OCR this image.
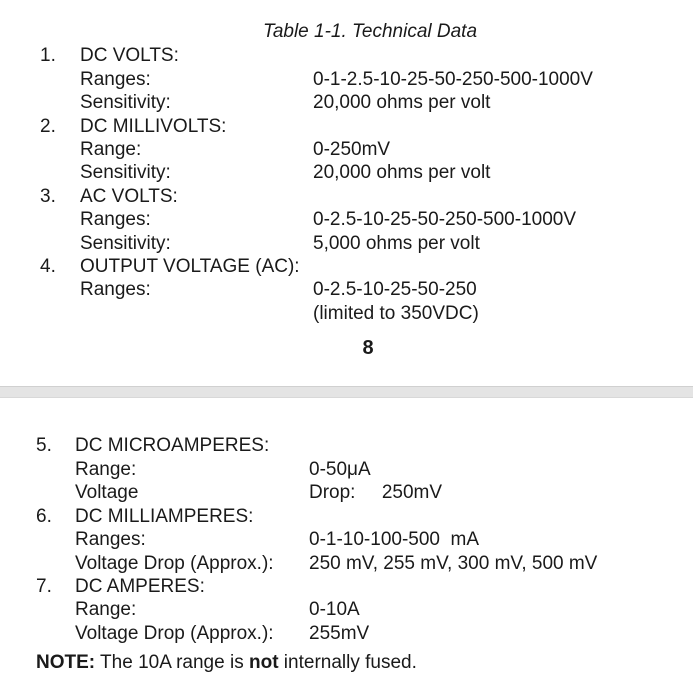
Table 1-1. Technical Data
1. DC VOLTS:
Ranges:	0-1-2.5-10-25-50-250-500-1000V
Sensitivity:	20,000 ohms per volt
2. DC MILLIVOLTS:
Range:	0-250mV
Sensitivity:	20,000 ohms per volt
3. AC VOLTS:
Ranges:	0-2.5-10-25-50-250-500-1000V
Sensitivity:	5,000 ohms per volt
4. OUTPUT VOLTAGE (AC):
Ranges:	0-2.5-10-25-50-250
(limited to 350VDC)
8
5. DC MICROAMPERES:
Range:	0-50μA
Voltage	Drop:     250mV
6. DC MILLIAMPERES:
Ranges:	0-1-10-100-500  mA
Voltage Drop (Approx.): 250 mV, 255 mV, 300 mV, 500 mV
7. DC AMPERES:
Range:	0-10A
Voltage Drop (Approx.): 255mV
NOTE: The 10A range is not internally fused.
